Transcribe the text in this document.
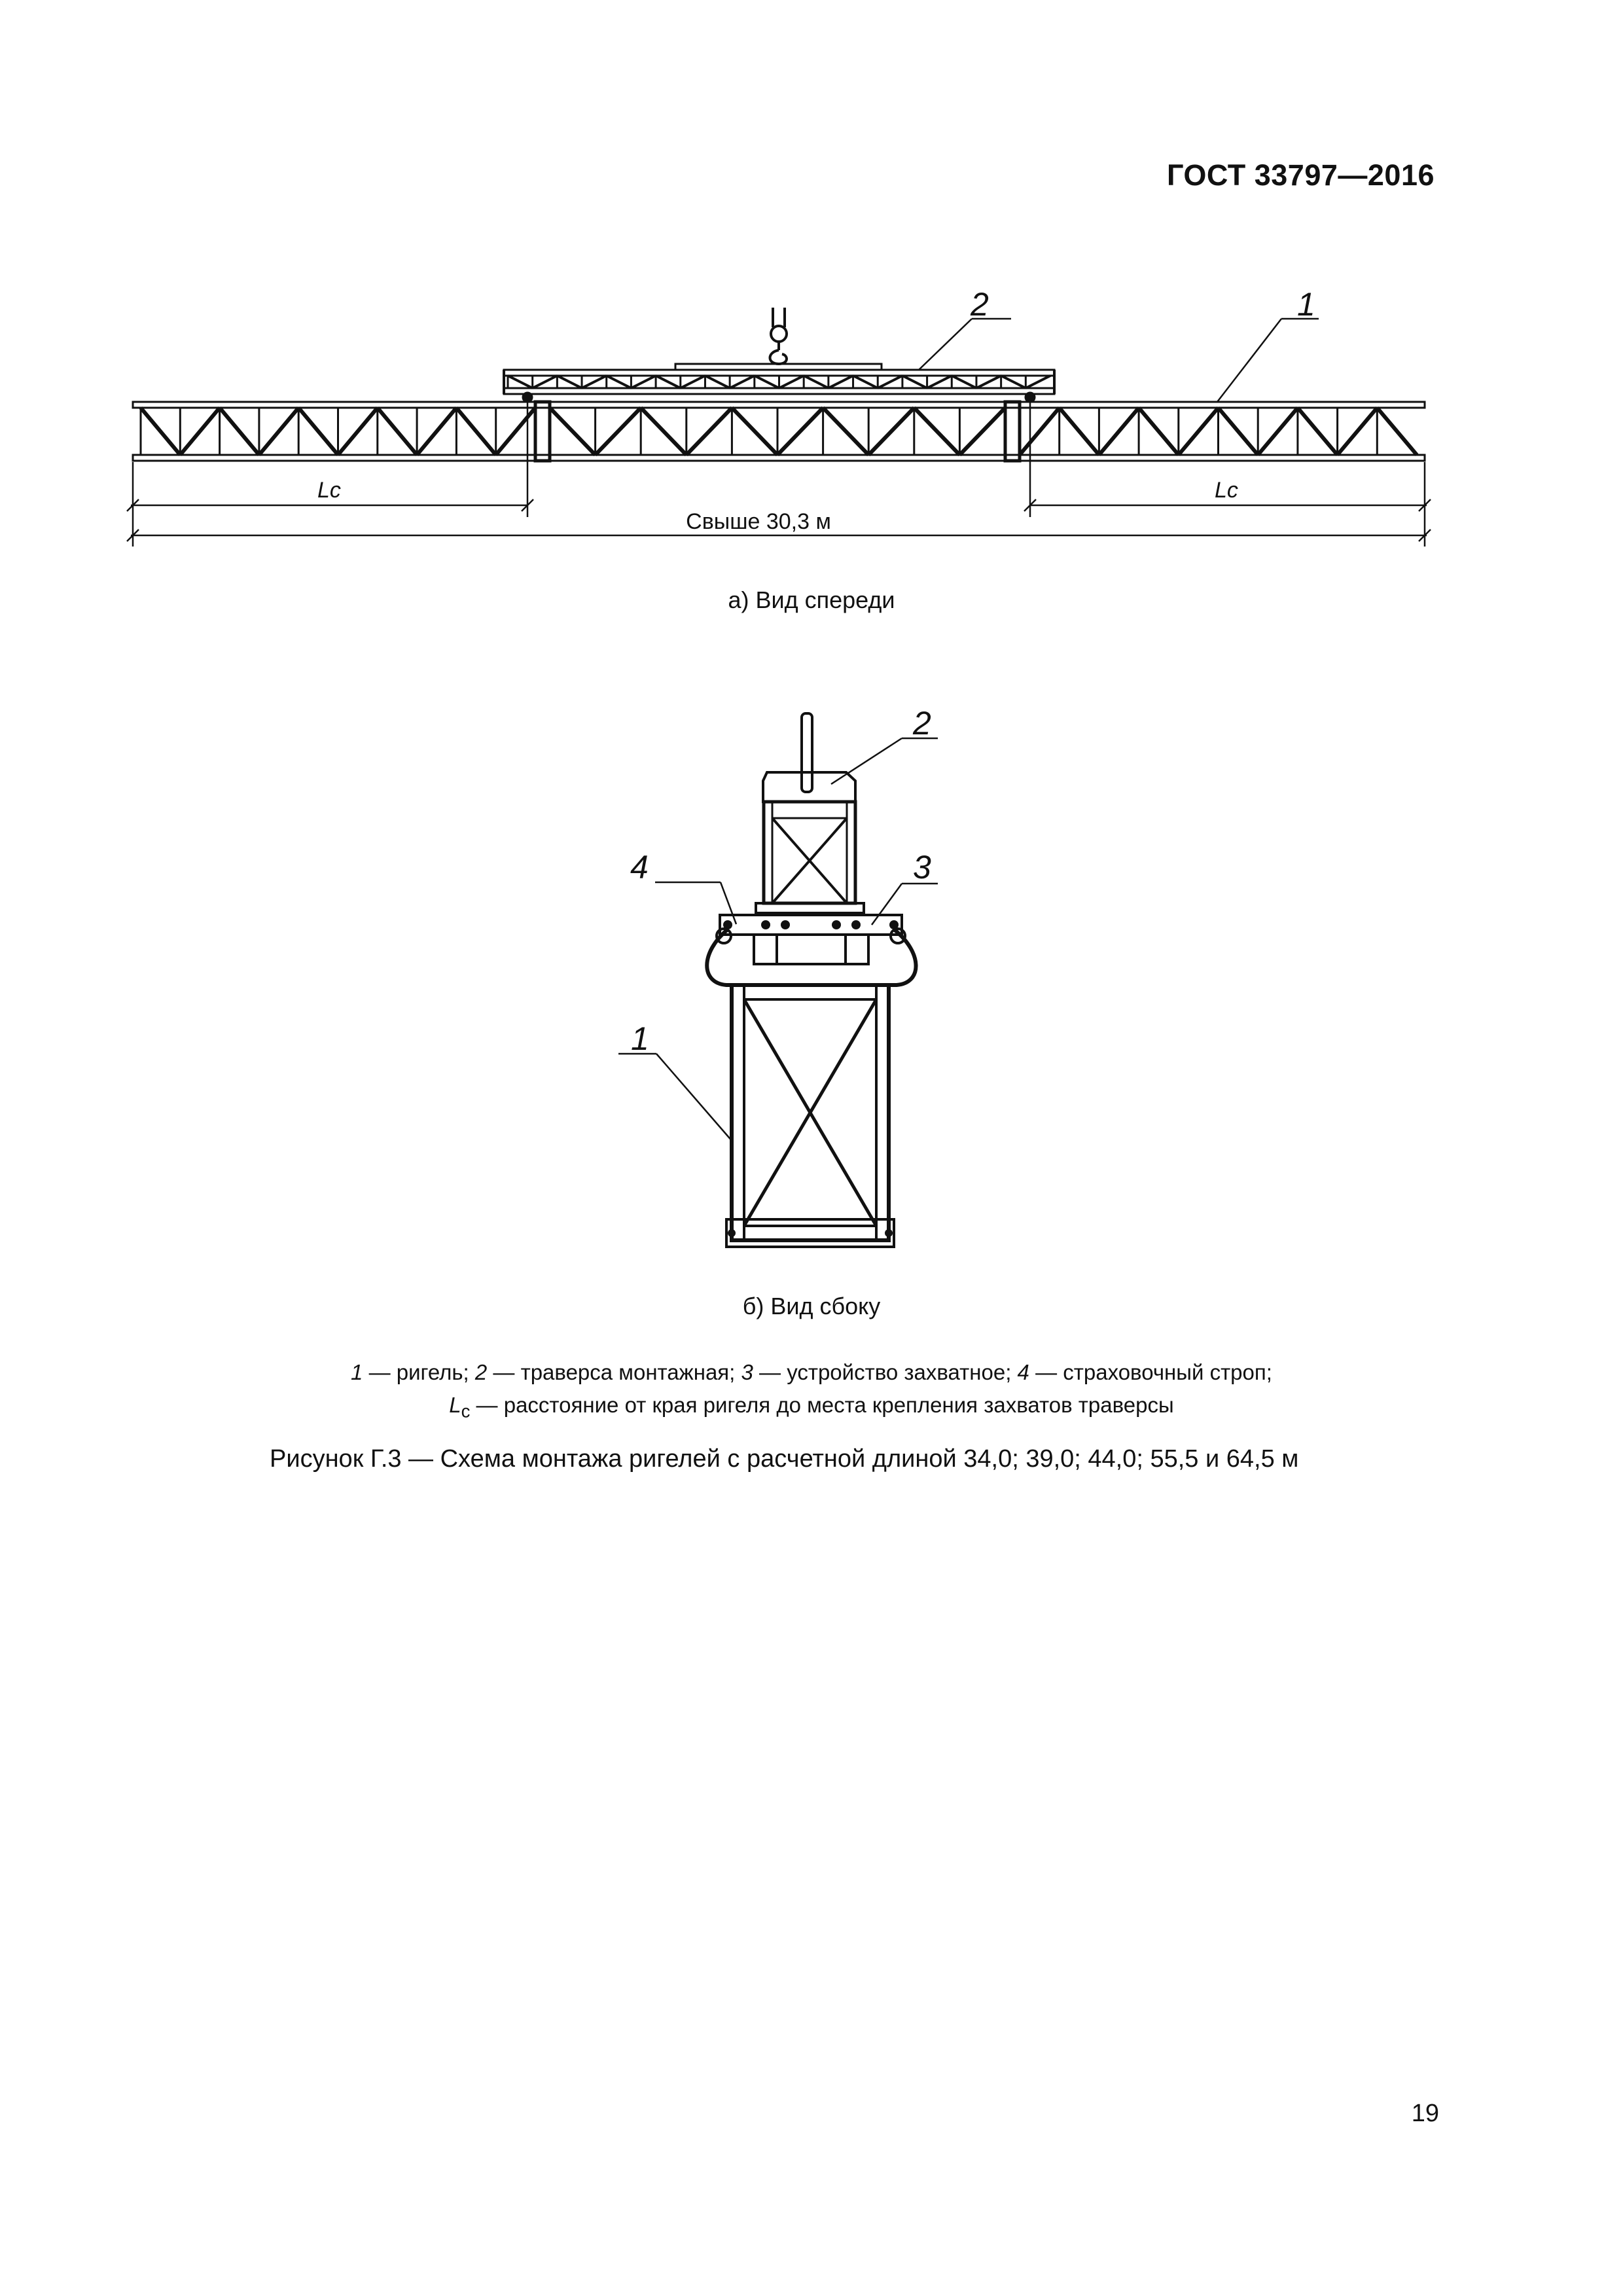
ГОСТ 33797—2016
2	1
Lc	Lc
Свыше 30,3 м
2
3
4
1
а) Вид спереди
б) Вид сбоку
1 — ригель; 2 — траверса монтажная; 3 — устройство захватное; 4 — страховочный строп;
$L_c$ — расстояние от края ригеля до места крепления захватов траверсы
Рисунок Г.3 — Схема монтажа ригелей с расчетной длиной 34,0; 39,0; 44,0; 55,5 и 64,5 м
19
